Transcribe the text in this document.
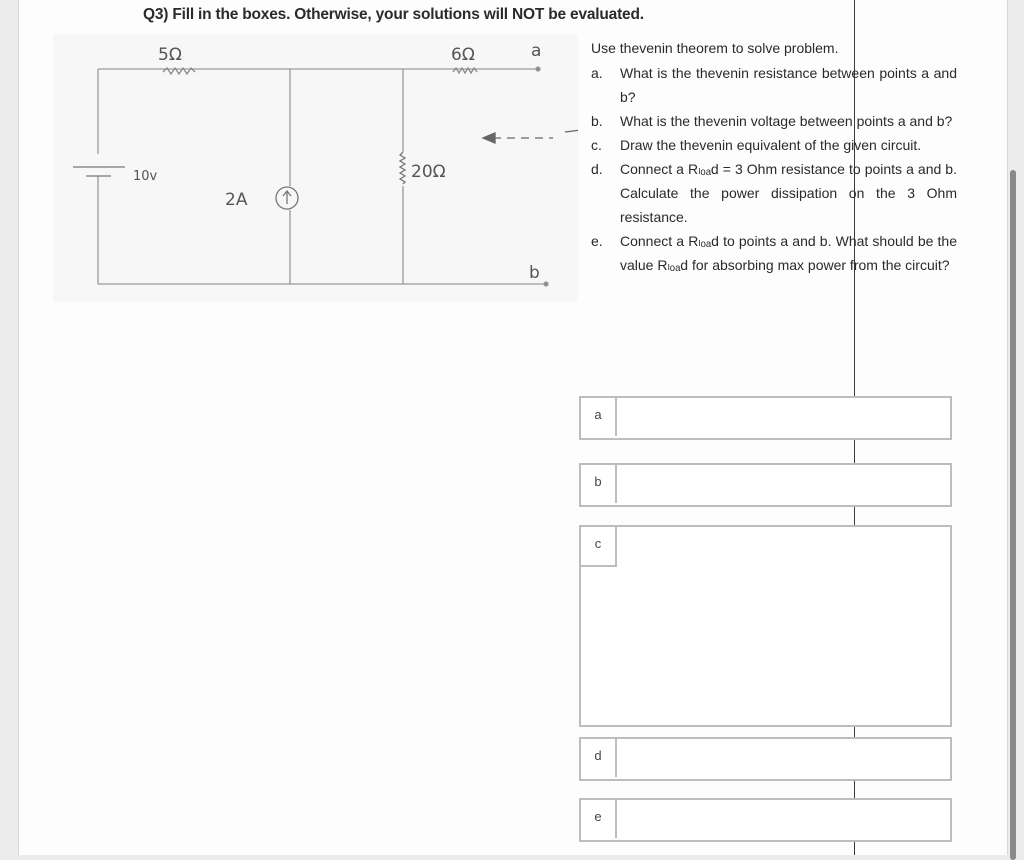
Q3) Fill in the boxes. Otherwise, your solutions will NOT be evaluated.
5Ω	6Ω	a
20Ω
2A
10v
b

Use thevenin theorem to solve problem.

a. What is the thevenin resistance between points a and b?
b. What is the thevenin voltage between points a and b?
c. Draw the thevenin equivalent of the given circuit.
d. Connect a Rₗₒₐd = 3 Ohm resistance to points a and b. Calculate the power dissipation on the 3 Ohm resistance.
e. Connect a Rₗₒₐd to points a and b. What should be the value Rₗₒₐd for absorbing max power from the circuit?
a
b
c
d
e
